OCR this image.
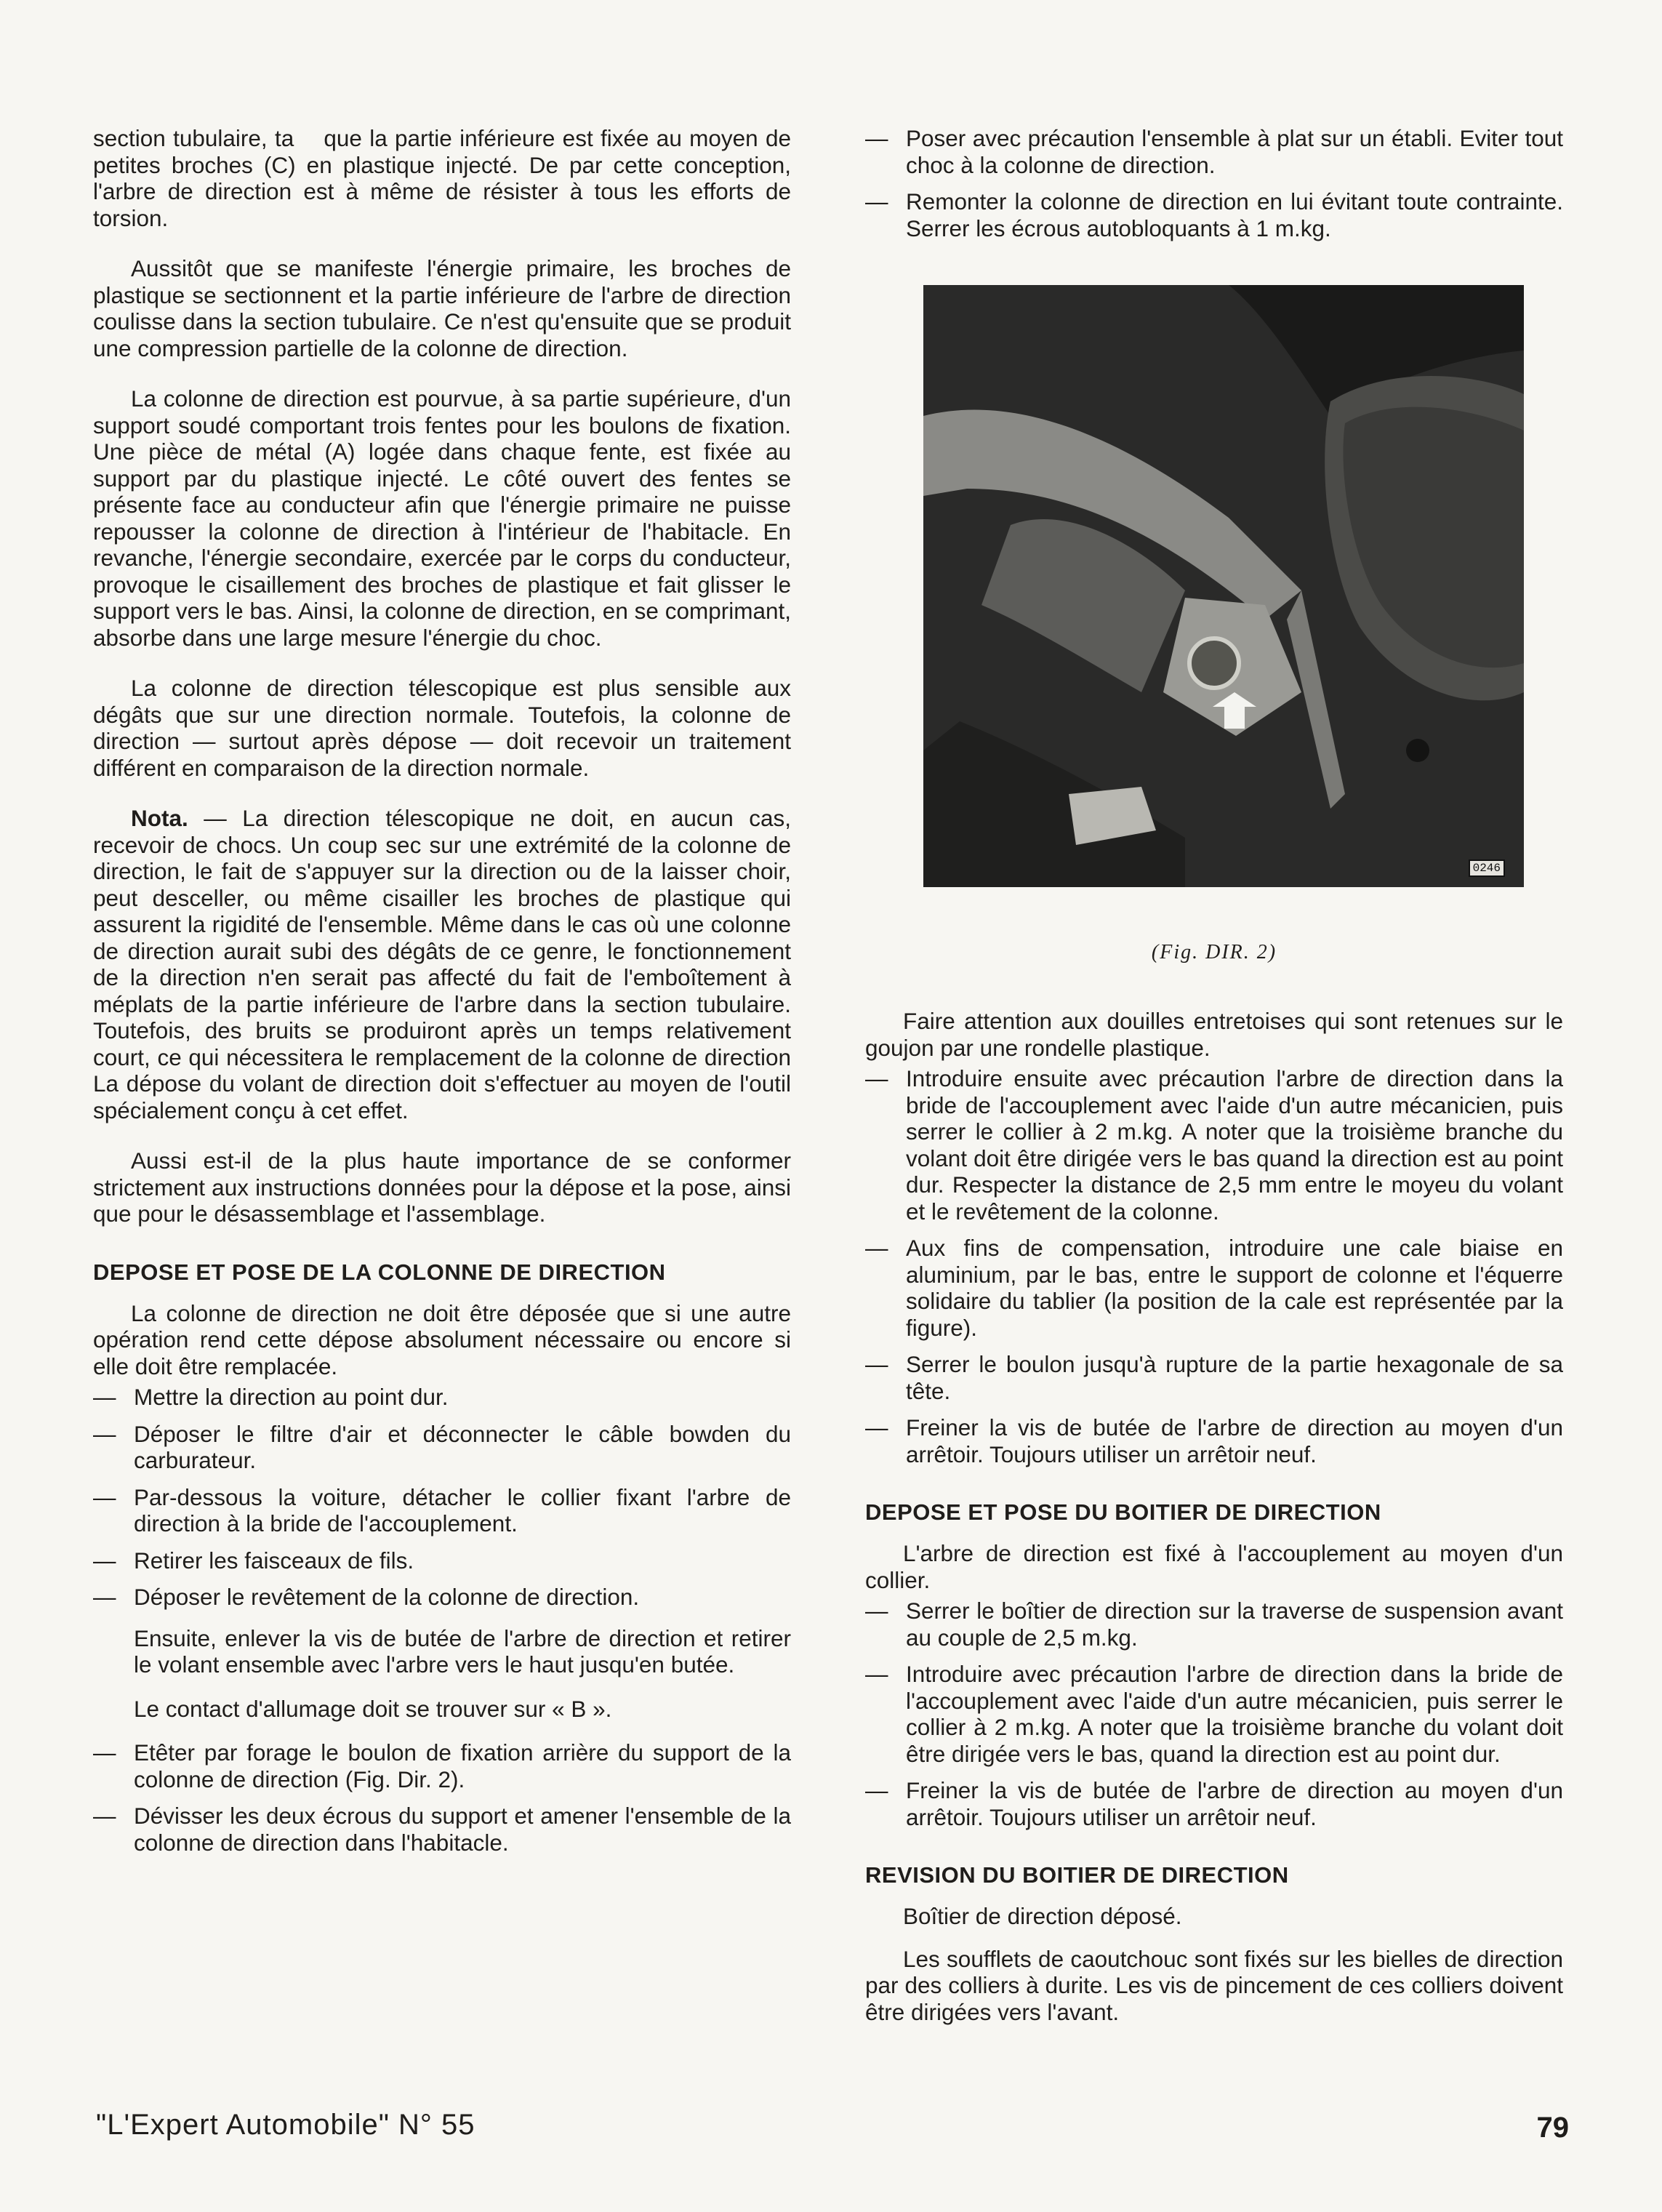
section tubulaire, ta    que la partie inférieure est fixée au moyen de petites broches (C) en plastique injecté. De par cette conception, l'arbre de direction est à même de résister à tous les efforts de torsion.

Aussitôt que se manifeste l'énergie primaire, les broches de plastique se sectionnent et la partie inférieure de l'arbre de direction coulisse dans la section tubulaire. Ce n'est qu'ensuite que se produit une compression partielle de la colonne de direction.

La colonne de direction est pourvue, à sa partie supérieure, d'un support soudé comportant trois fentes pour les boulons de fixation. Une pièce de métal (A) logée dans chaque fente, est fixée au support par du plastique injecté. Le côté ouvert des fentes se présente face au conducteur afin que l'énergie primaire ne puisse repousser la colonne de direction à l'intérieur de l'habitacle. En revanche, l'énergie secondaire, exercée par le corps du conducteur, provoque le cisaillement des broches de plastique et fait glisser le support vers le bas. Ainsi, la colonne de direction, en se comprimant, absorbe dans une large mesure l'énergie du choc.

La colonne de direction télescopique est plus sensible aux dégâts que sur une direction normale. Toutefois, la colonne de direction — surtout après dépose — doit recevoir un traitement différent en comparaison de la direction normale.

Nota. — La direction télescopique ne doit, en aucun cas, recevoir de chocs. Un coup sec sur une extrémité de la colonne de direction, le fait de s'appuyer sur la direction ou de la laisser choir, peut desceller, ou même cisailler les broches de plastique qui assurent la rigidité de l'ensemble. Même dans le cas où une colonne de direction aurait subi des dégâts de ce genre, le fonctionnement de la direction n'en serait pas affecté du fait de l'emboîtement à méplats de la partie inférieure de l'arbre dans la section tubulaire. Toutefois, des bruits se produiront après un temps relativement court, ce qui nécessitera le remplacement de la colonne de direction La dépose du volant de direction doit s'effectuer au moyen de l'outil spécialement conçu à cet effet.

Aussi est-il de la plus haute importance de se conformer strictement aux instructions données pour la dépose et la pose, ainsi que pour le désassemblage et l'assemblage.

DEPOSE ET POSE DE LA COLONNE DE DIRECTION

La colonne de direction ne doit être déposée que si une autre opération rend cette dépose absolument nécessaire ou encore si elle doit être remplacée.

— Mettre la direction au point dur.
— Déposer le filtre d'air et déconnecter le câble bowden du carburateur.
— Par-dessous la voiture, détacher le collier fixant l'arbre de direction à la bride de l'accouplement.
— Retirer les faisceaux de fils.
— Déposer le revêtement de la colonne de direction.
Ensuite, enlever la vis de butée de l'arbre de direction et retirer le volant ensemble avec l'arbre vers le haut jusqu'en butée.
Le contact d'allumage doit se trouver sur « B ».
— Etêter par forage le boulon de fixation arrière du support de la colonne de direction (Fig. Dir. 2).
— Dévisser les deux écrous du support et amener l'ensemble de la colonne de direction dans l'habitacle.
— Poser avec précaution l'ensemble à plat sur un établi. Eviter tout choc à la colonne de direction.
— Remonter la colonne de direction en lui évitant toute contrainte. Serrer les écrous autobloquants à 1 m.kg.
0246
(Fig. DIR. 2)

Faire attention aux douilles entretoises qui sont retenues sur le goujon par une rondelle plastique.

— Introduire ensuite avec précaution l'arbre de direction dans la bride de l'accouplement avec l'aide d'un autre mécanicien, puis serrer le collier à 2 m.kg. A noter que la troisième branche du volant doit être dirigée vers le bas quand la direction est au point dur. Respecter la distance de 2,5 mm entre le moyeu du volant et le revêtement de la colonne.
— Aux fins de compensation, introduire une cale biaise en aluminium, par le bas, entre le support de colonne et l'équerre solidaire du tablier (la position de la cale est représentée par la figure).
— Serrer le boulon jusqu'à rupture de la partie hexagonale de sa tête.
— Freiner la vis de butée de l'arbre de direction au moyen d'un arrêtoir. Toujours utiliser un arrêtoir neuf.
DEPOSE ET POSE DU BOITIER DE DIRECTION

L'arbre de direction est fixé à l'accouplement au moyen d'un collier.

— Serrer le boîtier de direction sur la traverse de suspension avant au couple de 2,5 m.kg.
— Introduire avec précaution l'arbre de direction dans la bride de l'accouplement avec l'aide d'un autre mécanicien, puis serrer le collier à 2 m.kg. A noter que la troisième branche du volant doit être dirigée vers le bas, quand la direction est au point dur.
— Freiner la vis de butée de l'arbre de direction au moyen d'un arrêtoir. Toujours utiliser un arrêtoir neuf.
REVISION DU BOITIER DE DIRECTION

Boîtier de direction déposé.

Les soufflets de caoutchouc sont fixés sur les bielles de direction par des colliers à durite. Les vis de pincement de ces colliers doivent être dirigées vers l'avant.

"L'Expert Automobile" N° 55	79
